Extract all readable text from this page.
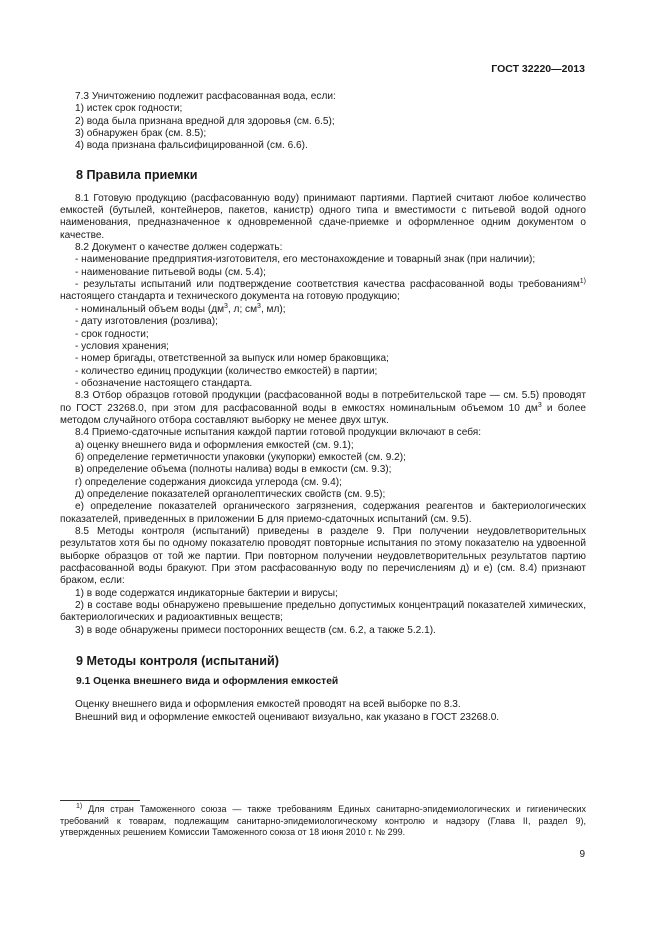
ГОСТ 32220—2013

7.3 Уничтожению подлежит расфасованная вода, если:

1) истек срок годности;

2) вода была признана вредной для здоровья (см. 6.5);

3) обнаружен брак (см. 8.5);

4) вода признана фальсифицированной (см. 6.6).

8 Правила приемки

8.1 Готовую продукцию (расфасованную воду) принимают партиями. Партией считают любое количество емкостей (бутылей, контейнеров, пакетов, канистр) одного типа и вместимости с питьевой водой одного наименования, предназначенное к одновременной сдаче-приемке и оформленное одним документом о качестве.

8.2 Документ о качестве должен содержать:

- наименование предприятия-изготовителя, его местонахождение и товарный знак (при наличии);

- наименование питьевой воды (см. 5.4);

- результаты испытаний или подтверждение соответствия качества расфасованной воды требованиям$^{1)}$ настоящего стандарта и технического документа на готовую продукцию;

- номинальный объем воды ($дм^3$, л; $см^3$, мл);

- дату изготовления (розлива);

- срок годности;

- условия хранения;

- номер бригады, ответственной за выпуск или номер браковщика;

- количество единиц продукции (количество емкостей) в партии;

- обозначение настоящего стандарта.

8.3 Отбор образцов готовой продукции (расфасованной воды в потребительской таре — см. 5.5) проводят по ГОСТ 23268.0, при этом для расфасованной воды в емкостях номинальным объемом 10 $дм^3$ и более методом случайного отбора составляют выборку не менее двух штук.

8.4 Приемо-сдаточные испытания каждой партии готовой продукции включают в себя:

а) оценку внешнего вида и оформления емкостей (см. 9.1);

б) определение герметичности упаковки (укупорки) емкостей (см. 9.2);

в) определение объема (полноты налива) воды в емкости (см. 9.3);

г) определение содержания диоксида углерода (см. 9.4);

д) определение показателей органолептических свойств (см. 9.5);

е) определение показателей органического загрязнения, содержания реагентов и бактериологических показателей, приведенных в приложении Б для приемо-сдаточных испытаний (см. 9.5).

8.5 Методы контроля (испытаний) приведены в разделе 9. При получении неудовлетворительных результатов хотя бы по одному показателю проводят повторные испытания по этому показателю на удвоенной выборке образцов от той же партии. При повторном получении неудовлетворительных результатов партию расфасованной воды бракуют. При этом расфасованную воду по перечислениям д) и е) (см. 8.4) признают браком, если:

1) в воде содержатся индикаторные бактерии и вирусы;

2) в составе воды обнаружено превышение предельно допустимых концентраций показателей химических, бактериологических и радиоактивных веществ;

3) в воде обнаружены примеси посторонних веществ (см. 6.2, а также 5.2.1).

9 Методы контроля (испытаний)
9.1 Оценка внешнего вида и оформления емкостей

Оценку внешнего вида и оформления емкостей проводят на всей выборке по 8.3.

Внешний вид и оформление емкостей оценивают визуально, как указано в ГОСТ 23268.0.

$^{1)}$ Для стран Таможенного союза — также требованиям Единых санитарно-эпидемиологических и гигиенических требований к товарам, подлежащим санитарно-эпидемиологическому контролю и надзору (Глава II, раздел 9), утвержденных решением Комиссии Таможенного союза от 18 июня 2010 г. № 299.

9
